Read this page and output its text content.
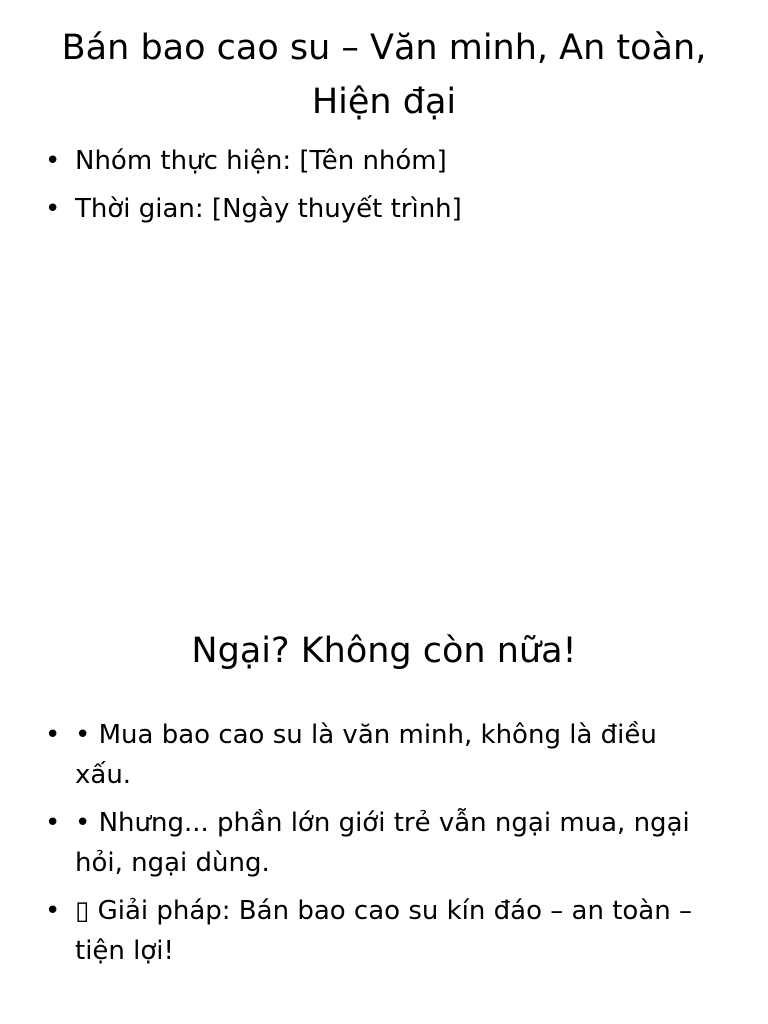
Bán bao cao su – Văn minh, An toàn, Hiện đại
• Nhóm thực hiện: [Tên nhóm]
• Thời gian: [Ngày thuyết trình]
Ngại? Không còn nữa!
• • Mua bao cao su là văn minh, không là điều xấu.
• • Nhưng... phần lớn giới trẻ vẫn ngại mua, ngại hỏi, ngại dùng.
• ▯ Giải pháp: Bán bao cao su kín đáo – an toàn – tiện lợi!
